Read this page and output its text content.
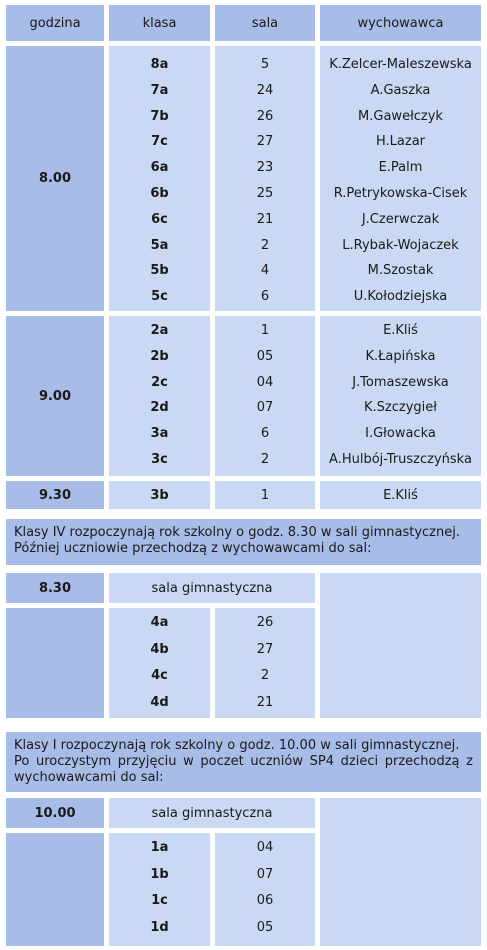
godzina	klasa	sala	wychowawca
8.00
8a	5	K.Zelcer-Maleszewska
7a	24	A.Gaszka
7b	26	M.Gawełczyk
7c	27	H.Lazar
6a	23	E.Palm
6b	25	R.Petrykowska-Cisek
6c	21	J.Czerwczak
5a	2	L.Rybak-Wojaczek
5b	4	M.Szostak
5c	6	U.Kołodziejska
9.00
2a	1	E.Kliś
2b	05	K.Łapińska
2c	04	J.Tomaszewska
2d	07	K.Szczygieł
3a	6	I.Głowacka
3c	2	A.Hulbój-Truszczyńska
9.30	3b	1	E.Kliś

Klasy IV rozpoczynają rok szkolny o godz. 8.30 w sali gimnastycznej.

Później uczniowie przechodzą z wychowawcami do sal:

8.30	sala gimnastyczna
4a	26
4b	27
4c	2
4d	21

Klasy I rozpoczynają rok szkolny o godz. 10.00 w sali gimnastycznej.

Po uroczystym przyjęciu w poczet uczniów SP4 dzieci przechodzą z wychowawcami do sal:

10.00	sala gimnastyczna
1a	04
1b	07
1c	06
1d	05
